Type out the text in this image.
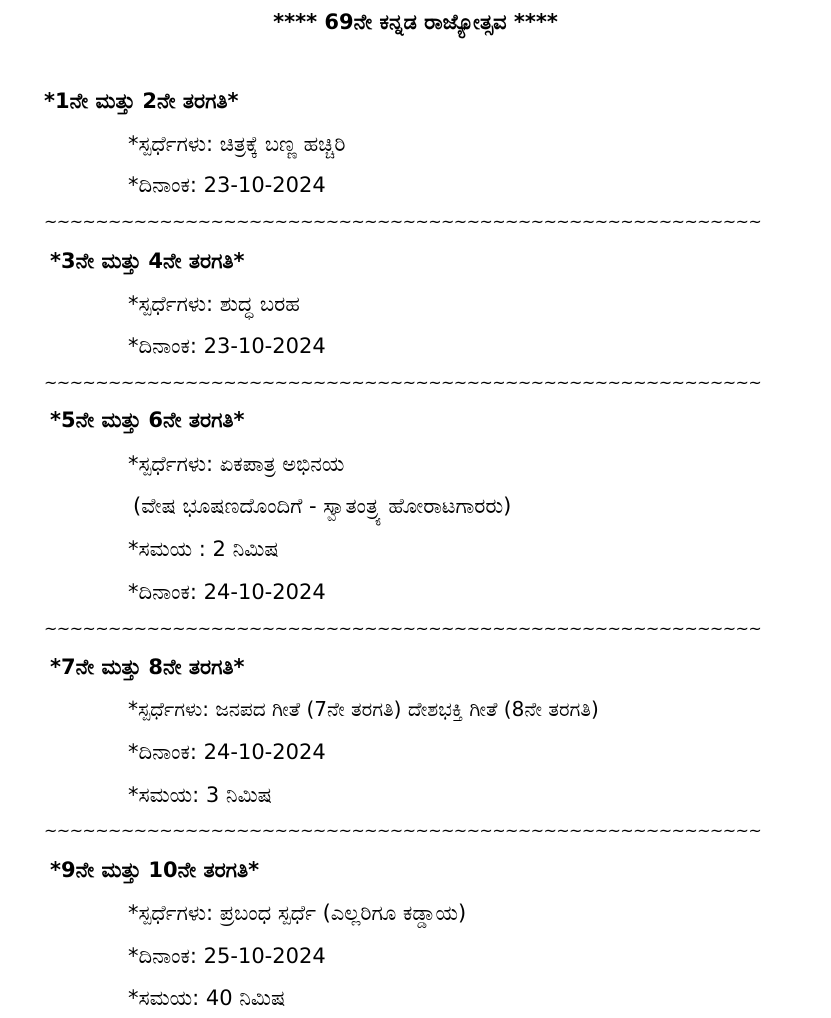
**** 69ನೇ ಕನ್ನಡ ರಾಜ್ಯೋತ್ಸವ ****
*1ನೇ ಮತ್ತು 2ನೇ ತರಗತಿ*
*ಸ್ಪರ್ಧೆಗಳು: ಚಿತ್ರಕ್ಕೆ ಬಣ್ಣ ಹಚ್ಚಿರಿ
*ದಿನಾಂಕ: 23-10-2024
~~~~~~~~~~~~~~~~~~~~~~~~~~~~~~~~~~~~~~~~~~~~~~~~~~~~~~~~
*3ನೇ ಮತ್ತು 4ನೇ ತರಗತಿ*
*ಸ್ಪರ್ಧೆಗಳು: ಶುದ್ಧ ಬರಹ
*ದಿನಾಂಕ: 23-10-2024
~~~~~~~~~~~~~~~~~~~~~~~~~~~~~~~~~~~~~~~~~~~~~~~~~~~~~~~~
*5ನೇ ಮತ್ತು 6ನೇ ತರಗತಿ*
*ಸ್ಪರ್ಧೆಗಳು: ಏಕಪಾತ್ರ ಅಭಿನಯ
(ವೇಷ ಭೂಷಣದೊಂದಿಗೆ - ಸ್ವಾತಂತ್ರ್ಯ ಹೋರಾಟಗಾರರು)
*ಸಮಯ : 2 ನಿಮಿಷ
*ದಿನಾಂಕ: 24-10-2024
~~~~~~~~~~~~~~~~~~~~~~~~~~~~~~~~~~~~~~~~~~~~~~~~~~~~~~~~
*7ನೇ ಮತ್ತು 8ನೇ ತರಗತಿ*
*ಸ್ಪರ್ಧೆಗಳು: ಜನಪದ ಗೀತೆ (7ನೇ ತರಗತಿ) ದೇಶಭಕ್ತಿ ಗೀತೆ (8ನೇ ತರಗತಿ)
*ದಿನಾಂಕ: 24-10-2024
*ಸಮಯ: 3 ನಿಮಿಷ
~~~~~~~~~~~~~~~~~~~~~~~~~~~~~~~~~~~~~~~~~~~~~~~~~~~~~~~~
*9ನೇ ಮತ್ತು 10ನೇ ತರಗತಿ*
*ಸ್ಪರ್ಧೆಗಳು: ಪ್ರಬಂಧ ಸ್ಪರ್ಧೆ (ಎಲ್ಲರಿಗೂ ಕಡ್ಡಾಯ)
*ದಿನಾಂಕ: 25-10-2024
*ಸಮಯ: 40 ನಿಮಿಷ
